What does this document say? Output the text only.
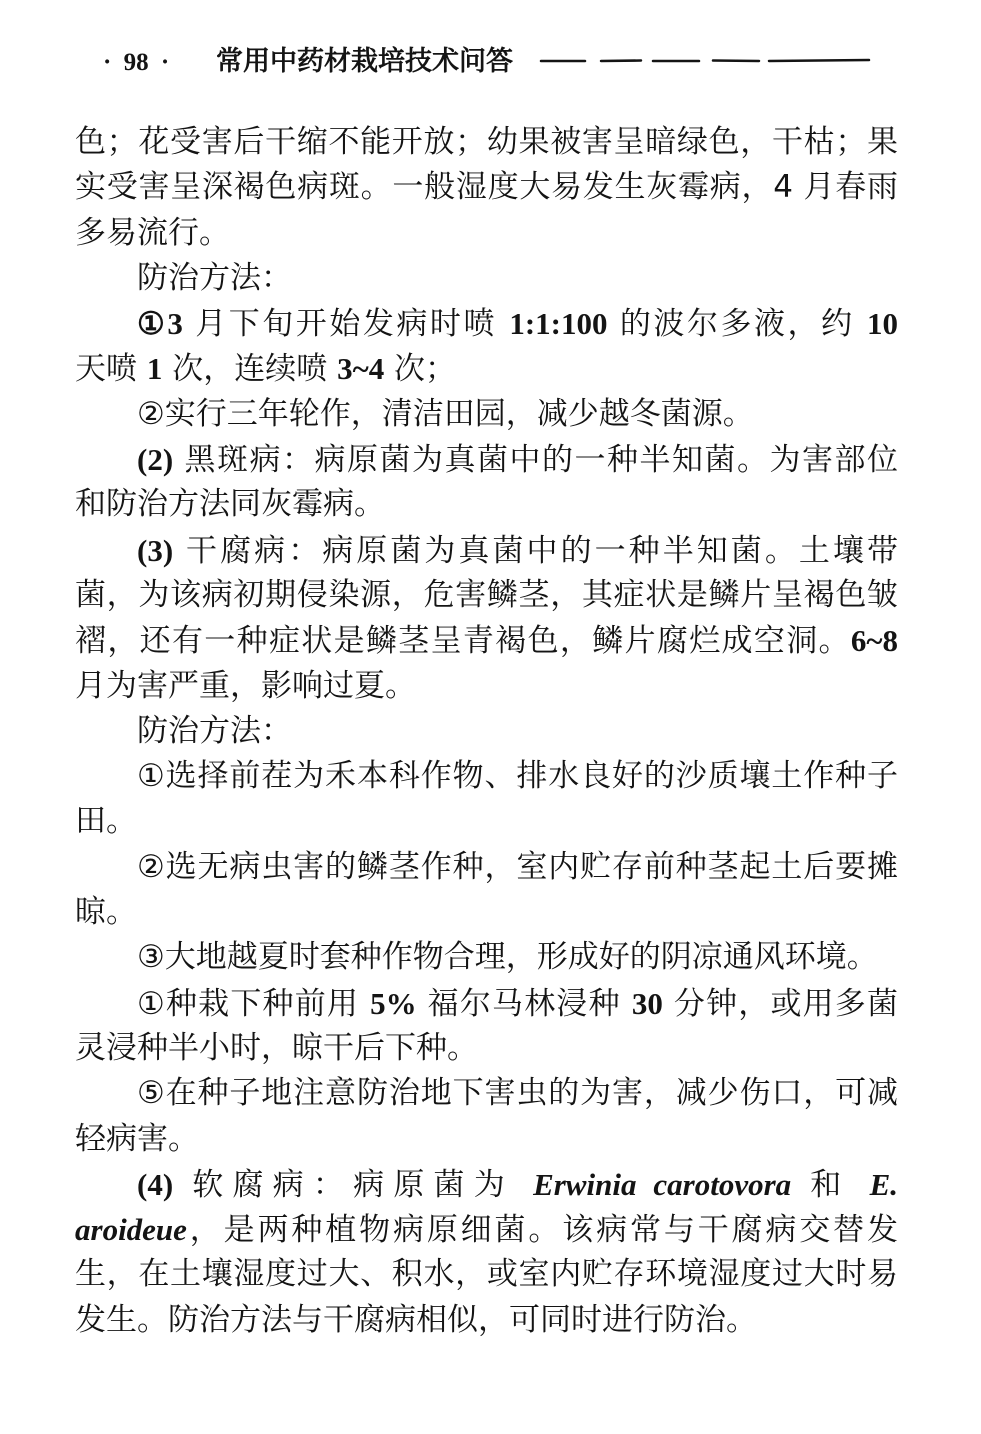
· 98 · 常用中药材栽培技术问答
色；花受害后干缩不能开放；幼果被害呈暗绿色，干枯；果
实受害呈深褐色病斑。一般湿度大易发生灰霉病，4 月春雨
多易流行。
防治方法：
①3 月下旬开始发病时喷 1:1:100 的波尔多液，约 10
天喷 1 次，连续喷 3~4 次；
②实行三年轮作，清洁田园，减少越冬菌源。
(2) 黑斑病：病原菌为真菌中的一种半知菌。为害部位
和防治方法同灰霉病。
(3) 干腐病：病原菌为真菌中的一种半知菌。土壤带
菌，为该病初期侵染源，危害鳞茎，其症状是鳞片呈褐色皱
褶，还有一种症状是鳞茎呈青褐色，鳞片腐烂成空洞。6~8
月为害严重，影响过夏。
防治方法：
①选择前茬为禾本科作物、排水良好的沙质壤土作种子
田。
②选无病虫害的鳞茎作种，室内贮存前种茎起土后要摊
晾。
③大地越夏时套种作物合理，形成好的阴凉通风环境。
①种栽下种前用 5% 福尔马林浸种 30 分钟，或用多菌
灵浸种半小时，晾干后下种。
⑤在种子地注意防治地下害虫的为害，减少伤口，可减
轻病害。
(4) 软腐病：病原菌为 Erwinia carotovora 和 E.
aroideue，是两种植物病原细菌。该病常与干腐病交替发
生，在土壤湿度过大、积水，或室内贮存环境湿度过大时易
发生。防治方法与干腐病相似，可同时进行防治。
